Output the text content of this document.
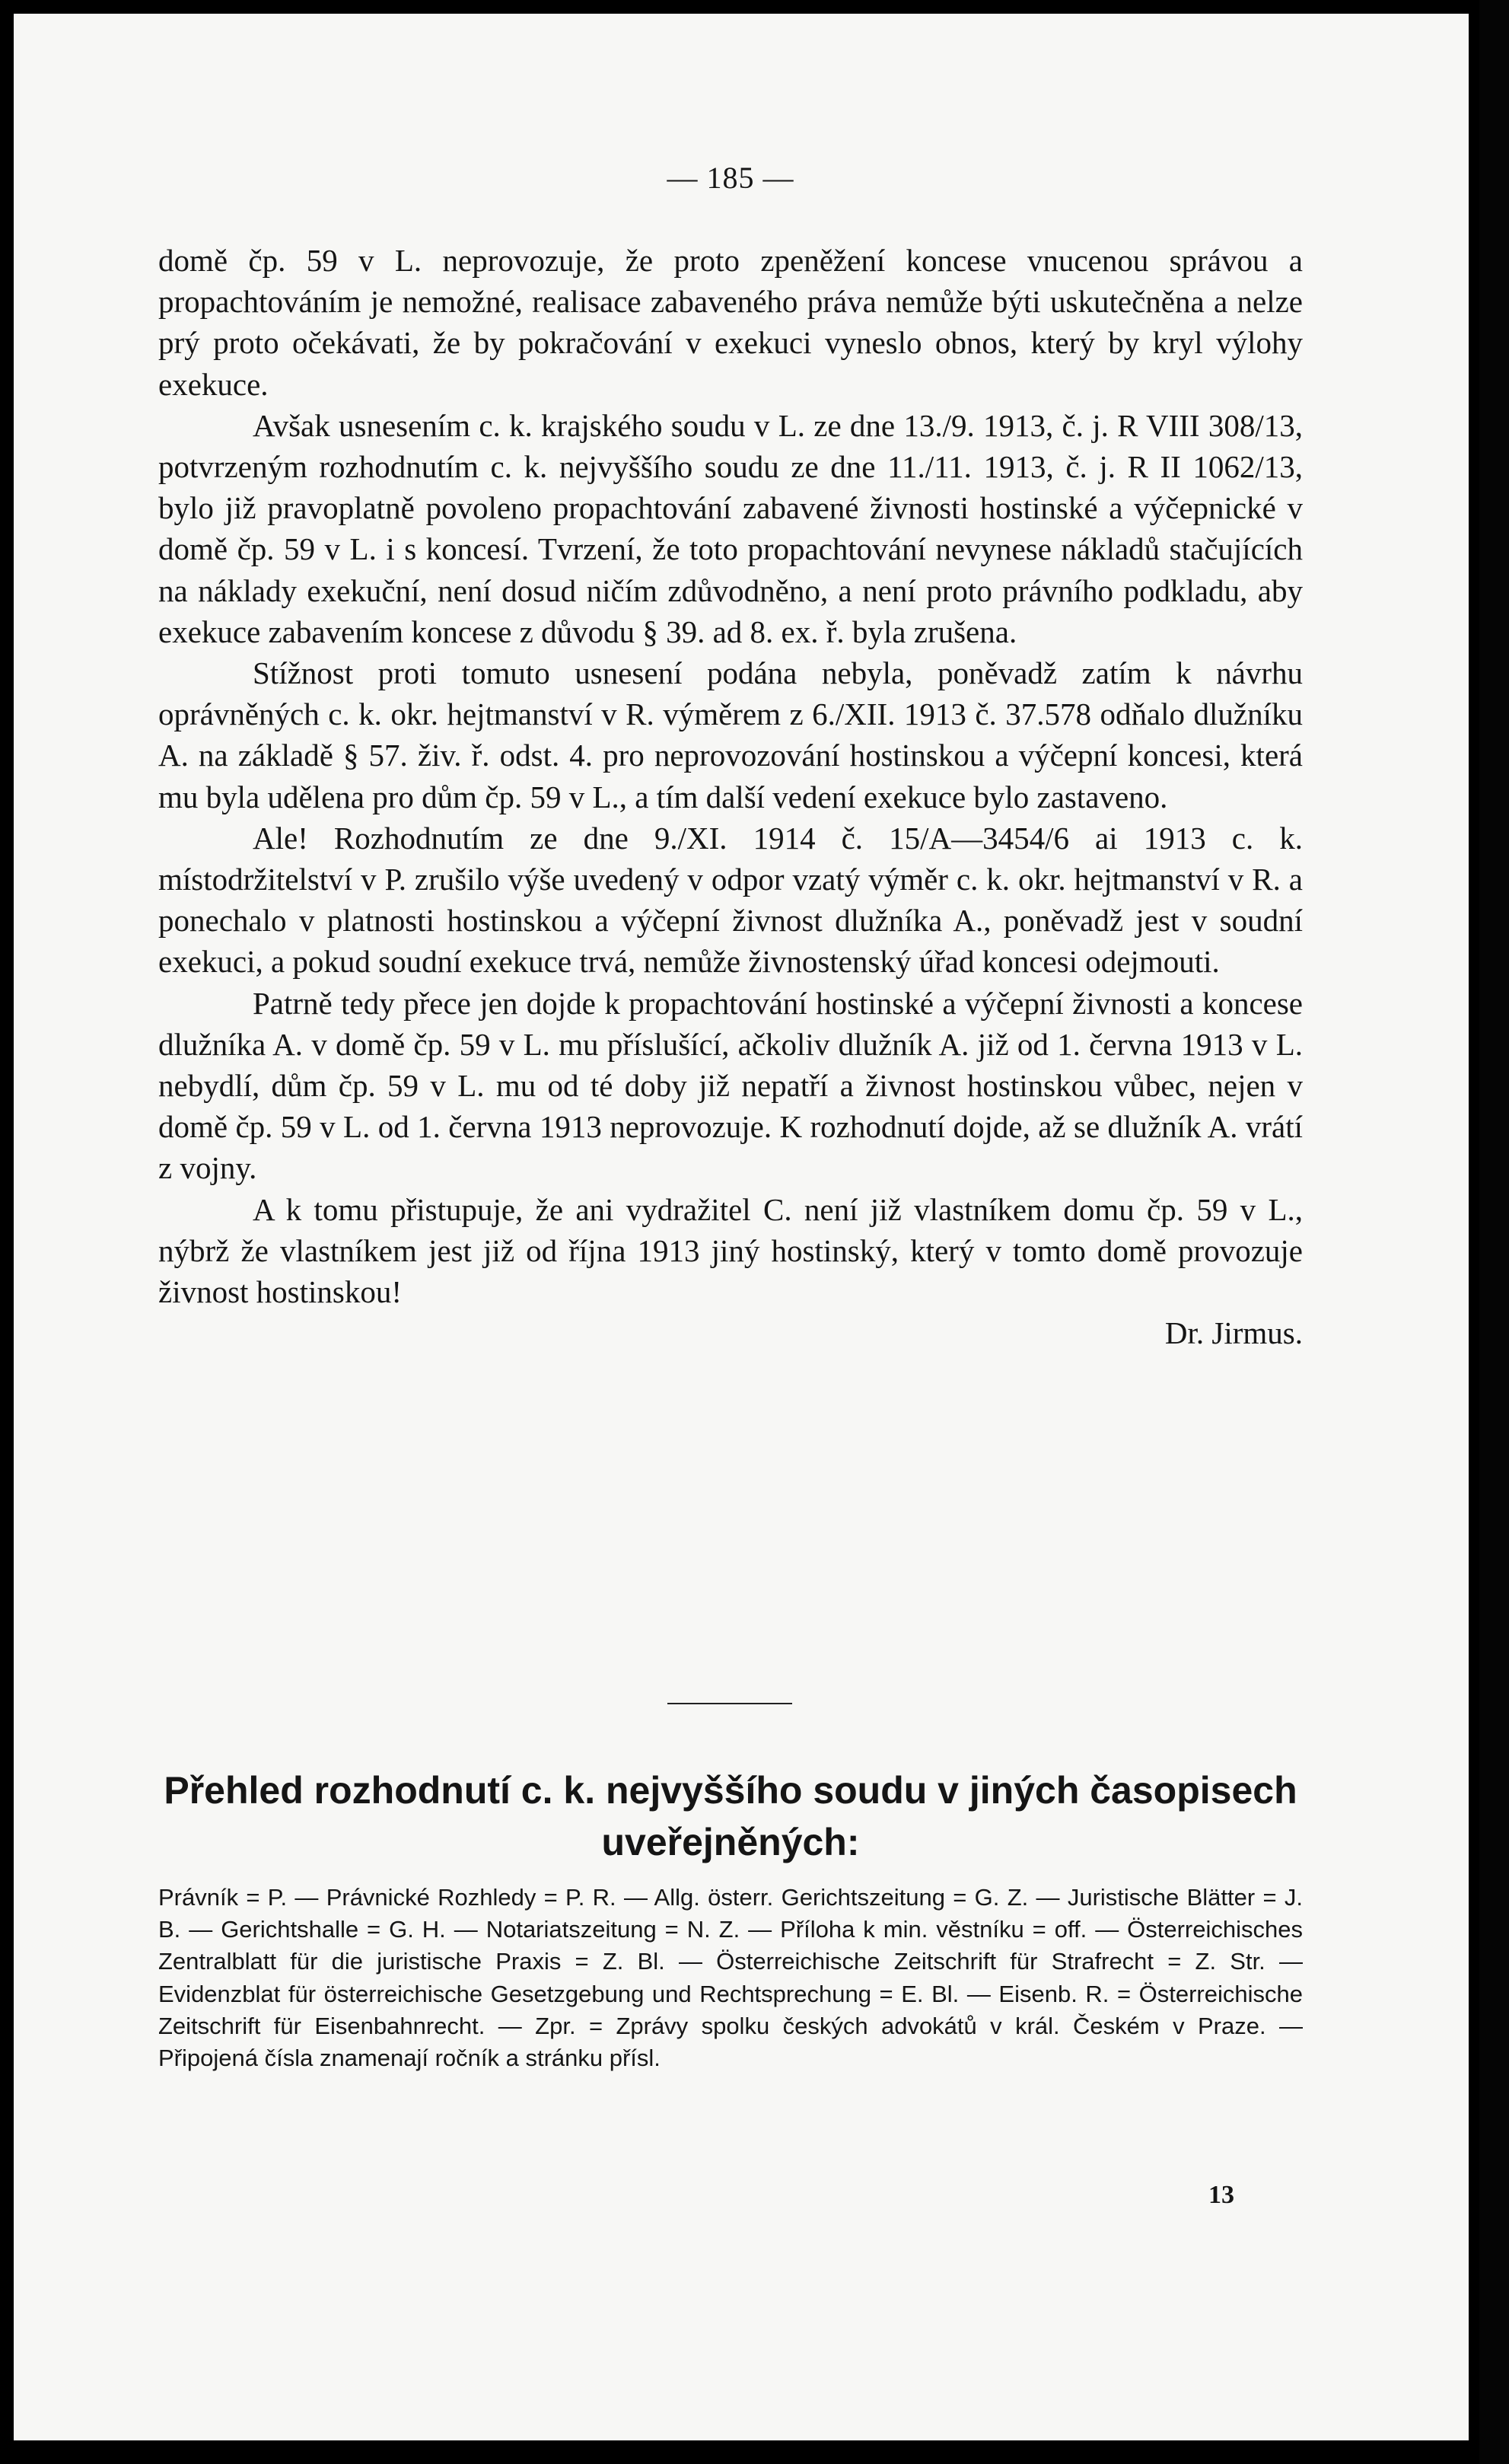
— 185 —

domě čp. 59 v L. neprovozuje, že proto zpeněžení koncese vnucenou správou a propachtováním je nemožné, realisace zabaveného práva nemůže býti uskutečněna a nelze prý proto očekávati, že by pokračování v exekuci vyneslo obnos, který by kryl výlohy exekuce.

Avšak usnesením c. k. krajského soudu v L. ze dne 13./9. 1913, č. j. R VIII 308/13, potvrzeným rozhodnutím c. k. nejvyššího soudu ze dne 11./11. 1913, č. j. R II 1062/13, bylo již pravoplatně povoleno propachtování zabavené živnosti hostinské a výčepnické v domě čp. 59 v L. i s koncesí. Tvrzení, že toto propachtování nevynese nákladů stačujících na náklady exekuční, není dosud ničím zdůvodněno, a není proto právního podkladu, aby exekuce zabavením koncese z důvodu § 39. ad 8. ex. ř. byla zrušena.

Stížnost proti tomuto usnesení podána nebyla, poněvadž zatím k návrhu oprávněných c. k. okr. hejtmanství v R. výměrem z 6./XII. 1913 č. 37.578 odňalo dlužníku A. na základě § 57. živ. ř. odst. 4. pro neprovozování hostinskou a výčepní koncesi, která mu byla udělena pro dům čp. 59 v L., a tím další vedení exekuce bylo zastaveno.

Ale! Rozhodnutím ze dne 9./XI. 1914 č. 15/A—3454/6 ai 1913 c. k. místodržitelství v P. zrušilo výše uvedený v odpor vzatý výměr c. k. okr. hejtmanství v R. a ponechalo v platnosti hostinskou a výčepní živnost dlužníka A., poněvadž jest v soudní exekuci, a pokud soudní exekuce trvá, nemůže živnostenský úřad koncesi odejmouti.

Patrně tedy přece jen dojde k propachtování hostinské a výčepní živnosti a koncese dlužníka A. v domě čp. 59 v L. mu příslušící, ačkoliv dlužník A. již od 1. června 1913 v L. nebydlí, dům čp. 59 v L. mu od té doby již nepatří a živnost hostinskou vůbec, nejen v domě čp. 59 v L. od 1. června 1913 neprovozuje. K rozhodnutí dojde, až se dlužník A. vrátí z vojny.

A k tomu přistupuje, že ani vydražitel C. není již vlastníkem domu čp. 59 v L., nýbrž že vlastníkem jest již od října 1913 jiný hostinský, který v tomto domě provozuje živnost hostinskou!

Dr. Jirmus.

Přehled rozhodnutí c. k. nejvyššího soudu v jiných časopisech uveřejněných:
Právník = P. — Právnické Rozhledy = P. R. — Allg. österr. Gerichtszeitung = G. Z. — Juristische Blätter = J. B. — Gerichtshalle = G. H. — Notariatszeitung = N. Z. — Příloha k min. věstníku = off. — Österreichisches Zentralblatt für die juristische Praxis = Z. Bl. — Österreichische Zeitschrift für Strafrecht = Z. Str. — Evidenzblat für österreichische Gesetzgebung und Rechtsprechung = E. Bl. — Eisenb. R. = Österreichische Zeitschrift für Eisenbahnrecht. — Zpr. = Zprávy spolku českých advokátů v král. Českém v Praze. — Připojená čísla znamenají ročník a stránku přísl.
13
